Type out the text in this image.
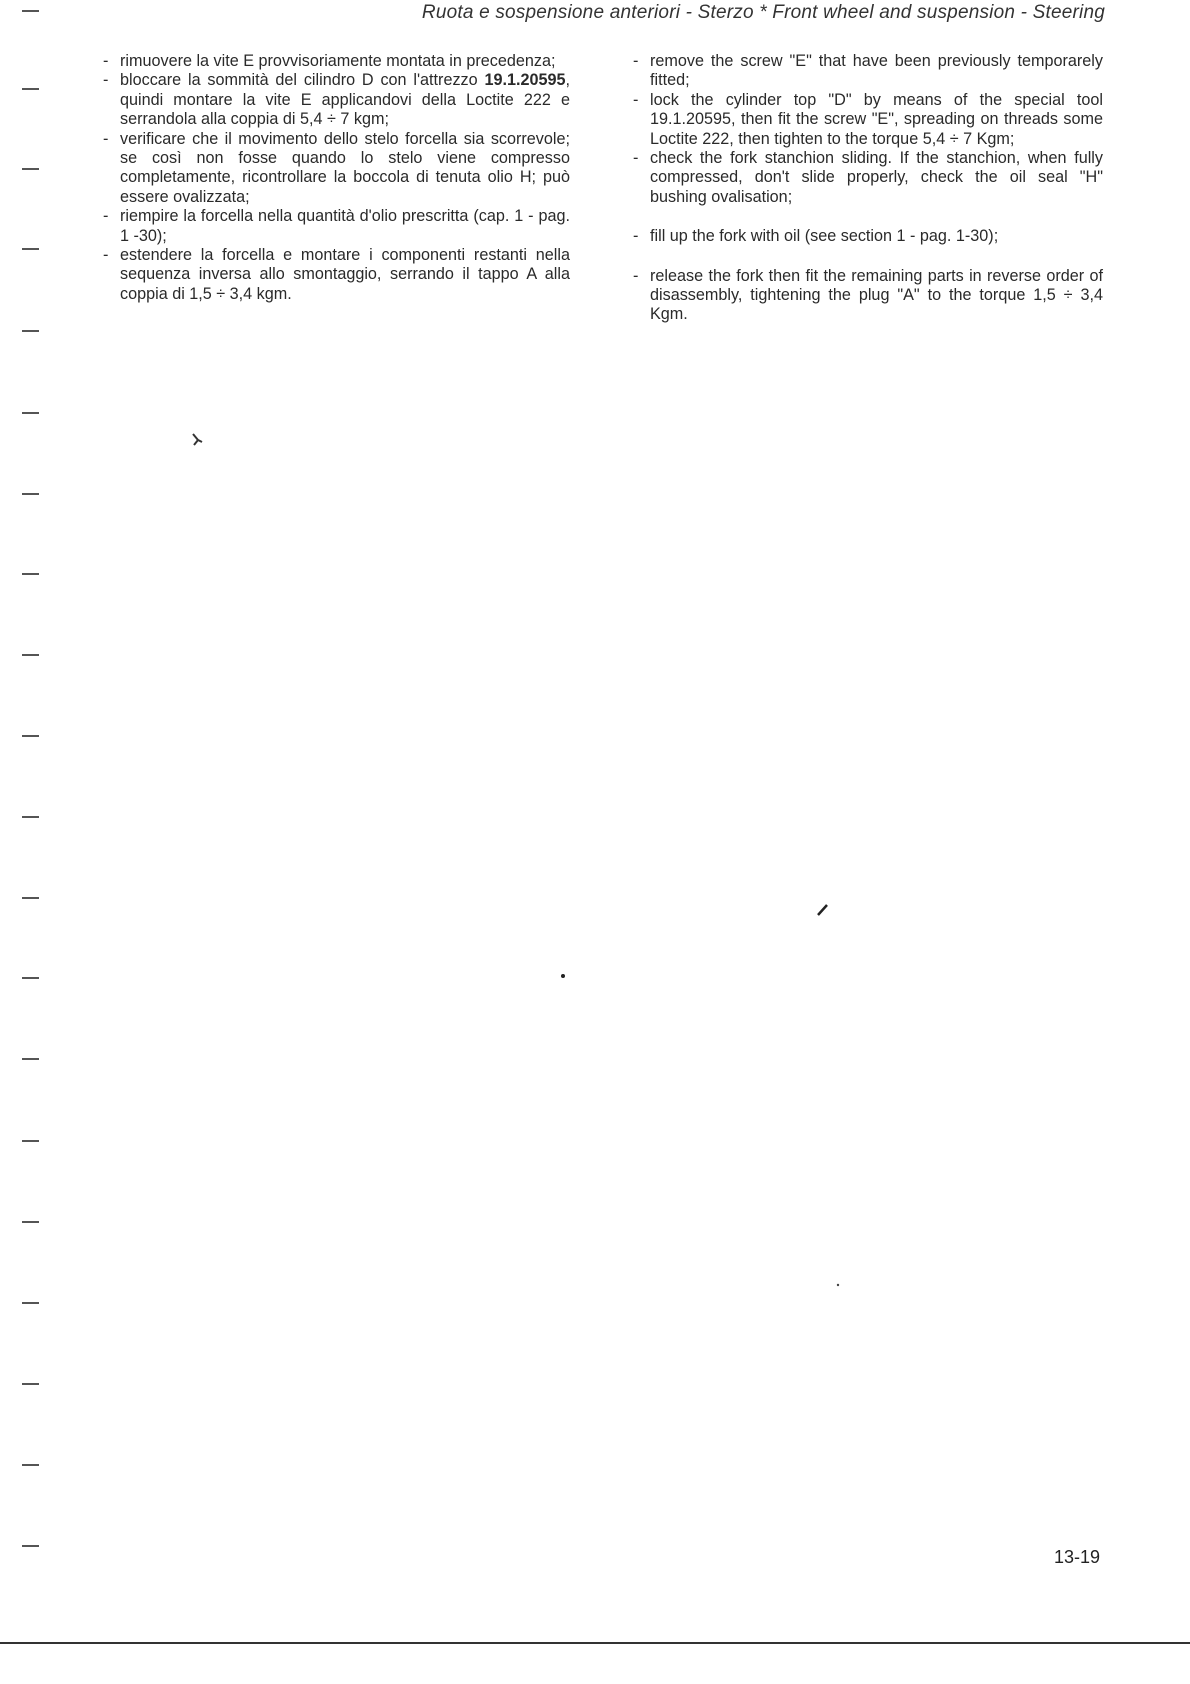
Ruota e sospensione anteriori - Sterzo * Front wheel and suspension - Steering

- rimuovere la vite E provvisoriamente montata in precedenza;

- bloccare la sommità del cilindro D con l'attrezzo 19.1.20595, quindi montare la vite E applicandovi della Loctite 222 e serrandola alla coppia di 5,4 ÷ 7 kgm;

- verificare che il movimento dello stelo forcella sia scorrevole; se così non fosse quando lo stelo viene compresso completamente, ricontrollare la boccola di tenuta olio H; può essere ovalizzata;

- riempire la forcella nella quantità d'olio prescritta (cap. 1 - pag. 1 -30);

- estendere la forcella e montare i componenti restanti nella sequenza inversa allo smontaggio, serrando il tappo A alla coppia di 1,5 ÷ 3,4 kgm.

- remove the screw "E" that have been previously temporarely fitted;

- lock the cylinder top "D" by means of the special tool 19.1.20595, then fit the screw "E", spreading on threads some Loctite 222, then tighten to the torque 5,4 ÷ 7 Kgm;

- check the fork stanchion sliding. If the stanchion, when fully compressed, don't slide properly, check the oil seal "H" bushing ovalisation;

- fill up the fork with oil (see section 1 - pag. 1-30);

- release the fork then fit the remaining parts in reverse order of disassembly, tightening the plug "A" to the torque 1,5 ÷ 3,4 Kgm.

13-19
